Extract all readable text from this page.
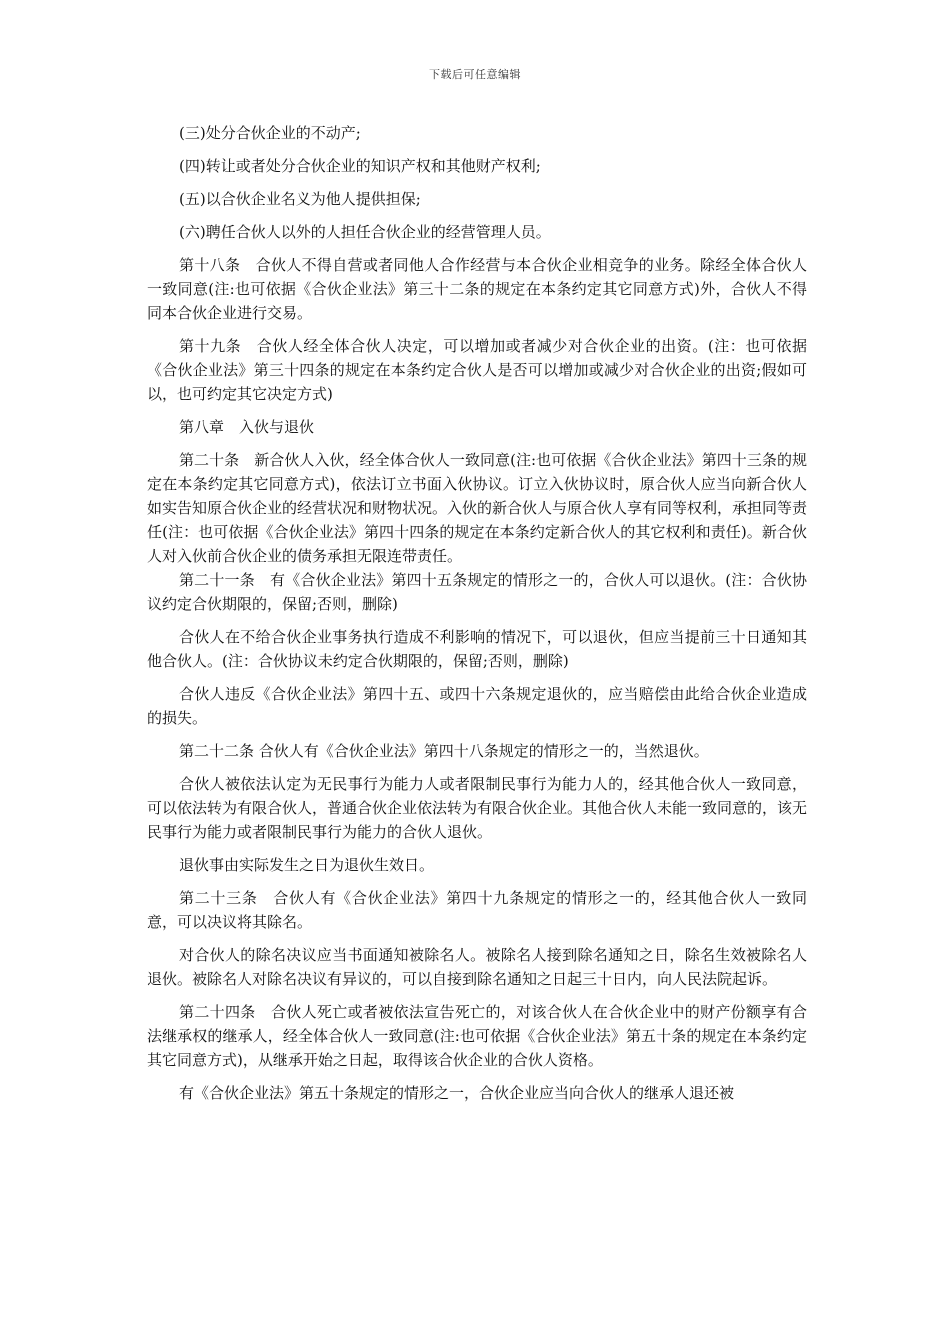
下载后可任意编辑

(三)处分合伙企业的不动产;

(四)转让或者处分合伙企业的知识产权和其他财产权利;

(五)以合伙企业名义为他人提供担保;

(六)聘任合伙人以外的人担任合伙企业的经营管理人员。

第十八条　合伙人不得自营或者同他人合作经营与本合伙企业相竞争的业务。除经全体合伙人一致同意(注:也可依据《合伙企业法》第三十二条的规定在本条约定其它同意方式)外，合伙人不得同本合伙企业进行交易。

第十九条　合伙人经全体合伙人决定，可以增加或者减少对合伙企业的出资。(注：也可依据《合伙企业法》第三十四条的规定在本条约定合伙人是否可以增加或减少对合伙企业的出资;假如可以，也可约定其它决定方式)

第八章　入伙与退伙

第二十条　新合伙人入伙，经全体合伙人一致同意(注:也可依据《合伙企业法》第四十三条的规定在本条约定其它同意方式)，依法订立书面入伙协议。订立入伙协议时，原合伙人应当向新合伙人如实告知原合伙企业的经营状况和财物状况。入伙的新合伙人与原合伙人享有同等权利，承担同等责任(注：也可依据《合伙企业法》第四十四条的规定在本条约定新合伙人的其它权利和责任)。新合伙人对入伙前合伙企业的债务承担无限连带责任。

第二十一条　有《合伙企业法》第四十五条规定的情形之一的，合伙人可以退伙。(注：合伙协议约定合伙期限的，保留;否则，删除)

合伙人在不给合伙企业事务执行造成不利影响的情况下，可以退伙，但应当提前三十日通知其他合伙人。(注：合伙协议未约定合伙期限的，保留;否则，删除)

合伙人违反《合伙企业法》第四十五、或四十六条规定退伙的，应当赔偿由此给合伙企业造成的损失。

第二十二条 合伙人有《合伙企业法》第四十八条规定的情形之一的，当然退伙。

合伙人被依法认定为无民事行为能力人或者限制民事行为能力人的，经其他合伙人一致同意，可以依法转为有限合伙人，普通合伙企业依法转为有限合伙企业。其他合伙人未能一致同意的，该无民事行为能力或者限制民事行为能力的合伙人退伙。

退伙事由实际发生之日为退伙生效日。

第二十三条　合伙人有《合伙企业法》第四十九条规定的情形之一的，经其他合伙人一致同意，可以决议将其除名。

对合伙人的除名决议应当书面通知被除名人。被除名人接到除名通知之日，除名生效被除名人退伙。被除名人对除名决议有异议的，可以自接到除名通知之日起三十日内，向人民法院起诉。

第二十四条　合伙人死亡或者被依法宣告死亡的，对该合伙人在合伙企业中的财产份额享有合法继承权的继承人，经全体合伙人一致同意(注:也可依据《合伙企业法》第五十条的规定在本条约定其它同意方式)，从继承开始之日起，取得该合伙企业的合伙人资格。

有《合伙企业法》第五十条规定的情形之一，合伙企业应当向合伙人的继承人退还被
